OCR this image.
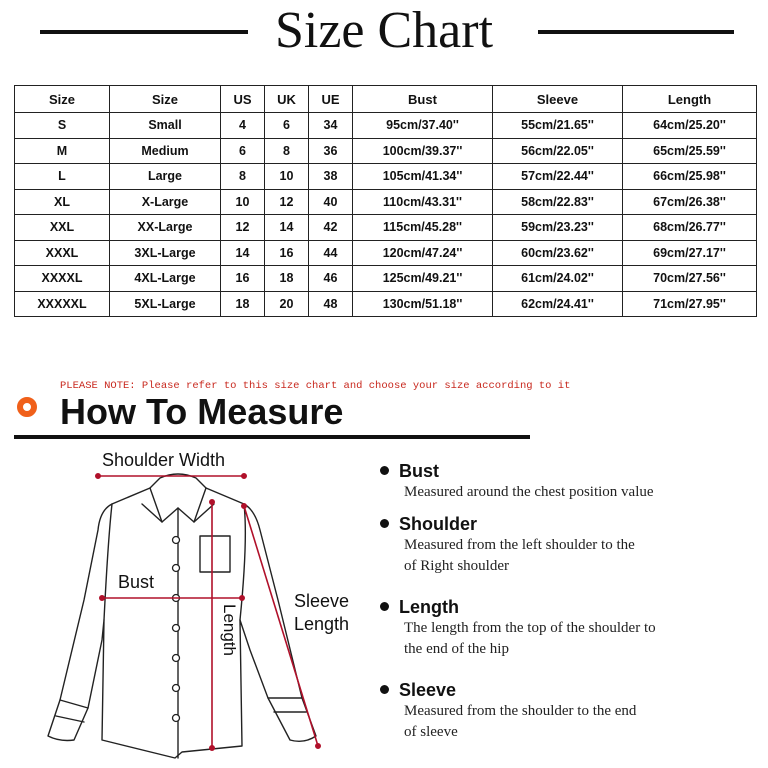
Size Chart
Size	Size	US	UK	UE	Bust	Sleeve	Length
S	Small	4	6	34	95cm/37.40''	55cm/21.65''	64cm/25.20''
M	Medium	6	8	36	100cm/39.37''	56cm/22.05''	65cm/25.59''
L	Large	8	10	38	105cm/41.34''	57cm/22.44''	66cm/25.98''
XL	X-Large	10	12	40	110cm/43.31''	58cm/22.83''	67cm/26.38''
XXL	XX-Large	12	14	42	115cm/45.28''	59cm/23.23''	68cm/26.77''
XXXL	3XL-Large	14	16	44	120cm/47.24''	60cm/23.62''	69cm/27.17''
XXXXL	4XL-Large	16	18	46	125cm/49.21''	61cm/24.02''	70cm/27.56''
XXXXXL	5XL-Large	18	20	48	130cm/51.18''	62cm/24.41''	71cm/27.95''
PLEASE NOTE: Please refer to this size chart and choose your size according to it
How To Measure
Shoulder Width
Bust
Sleeve
Length
Length
Bust
Measured around the chest position value
Shoulder
Measured from the left shoulder to the
of Right shoulder
Length
The length from the top of the shoulder to
the end of the hip
Sleeve
Measured from the shoulder to the end
of sleeve
